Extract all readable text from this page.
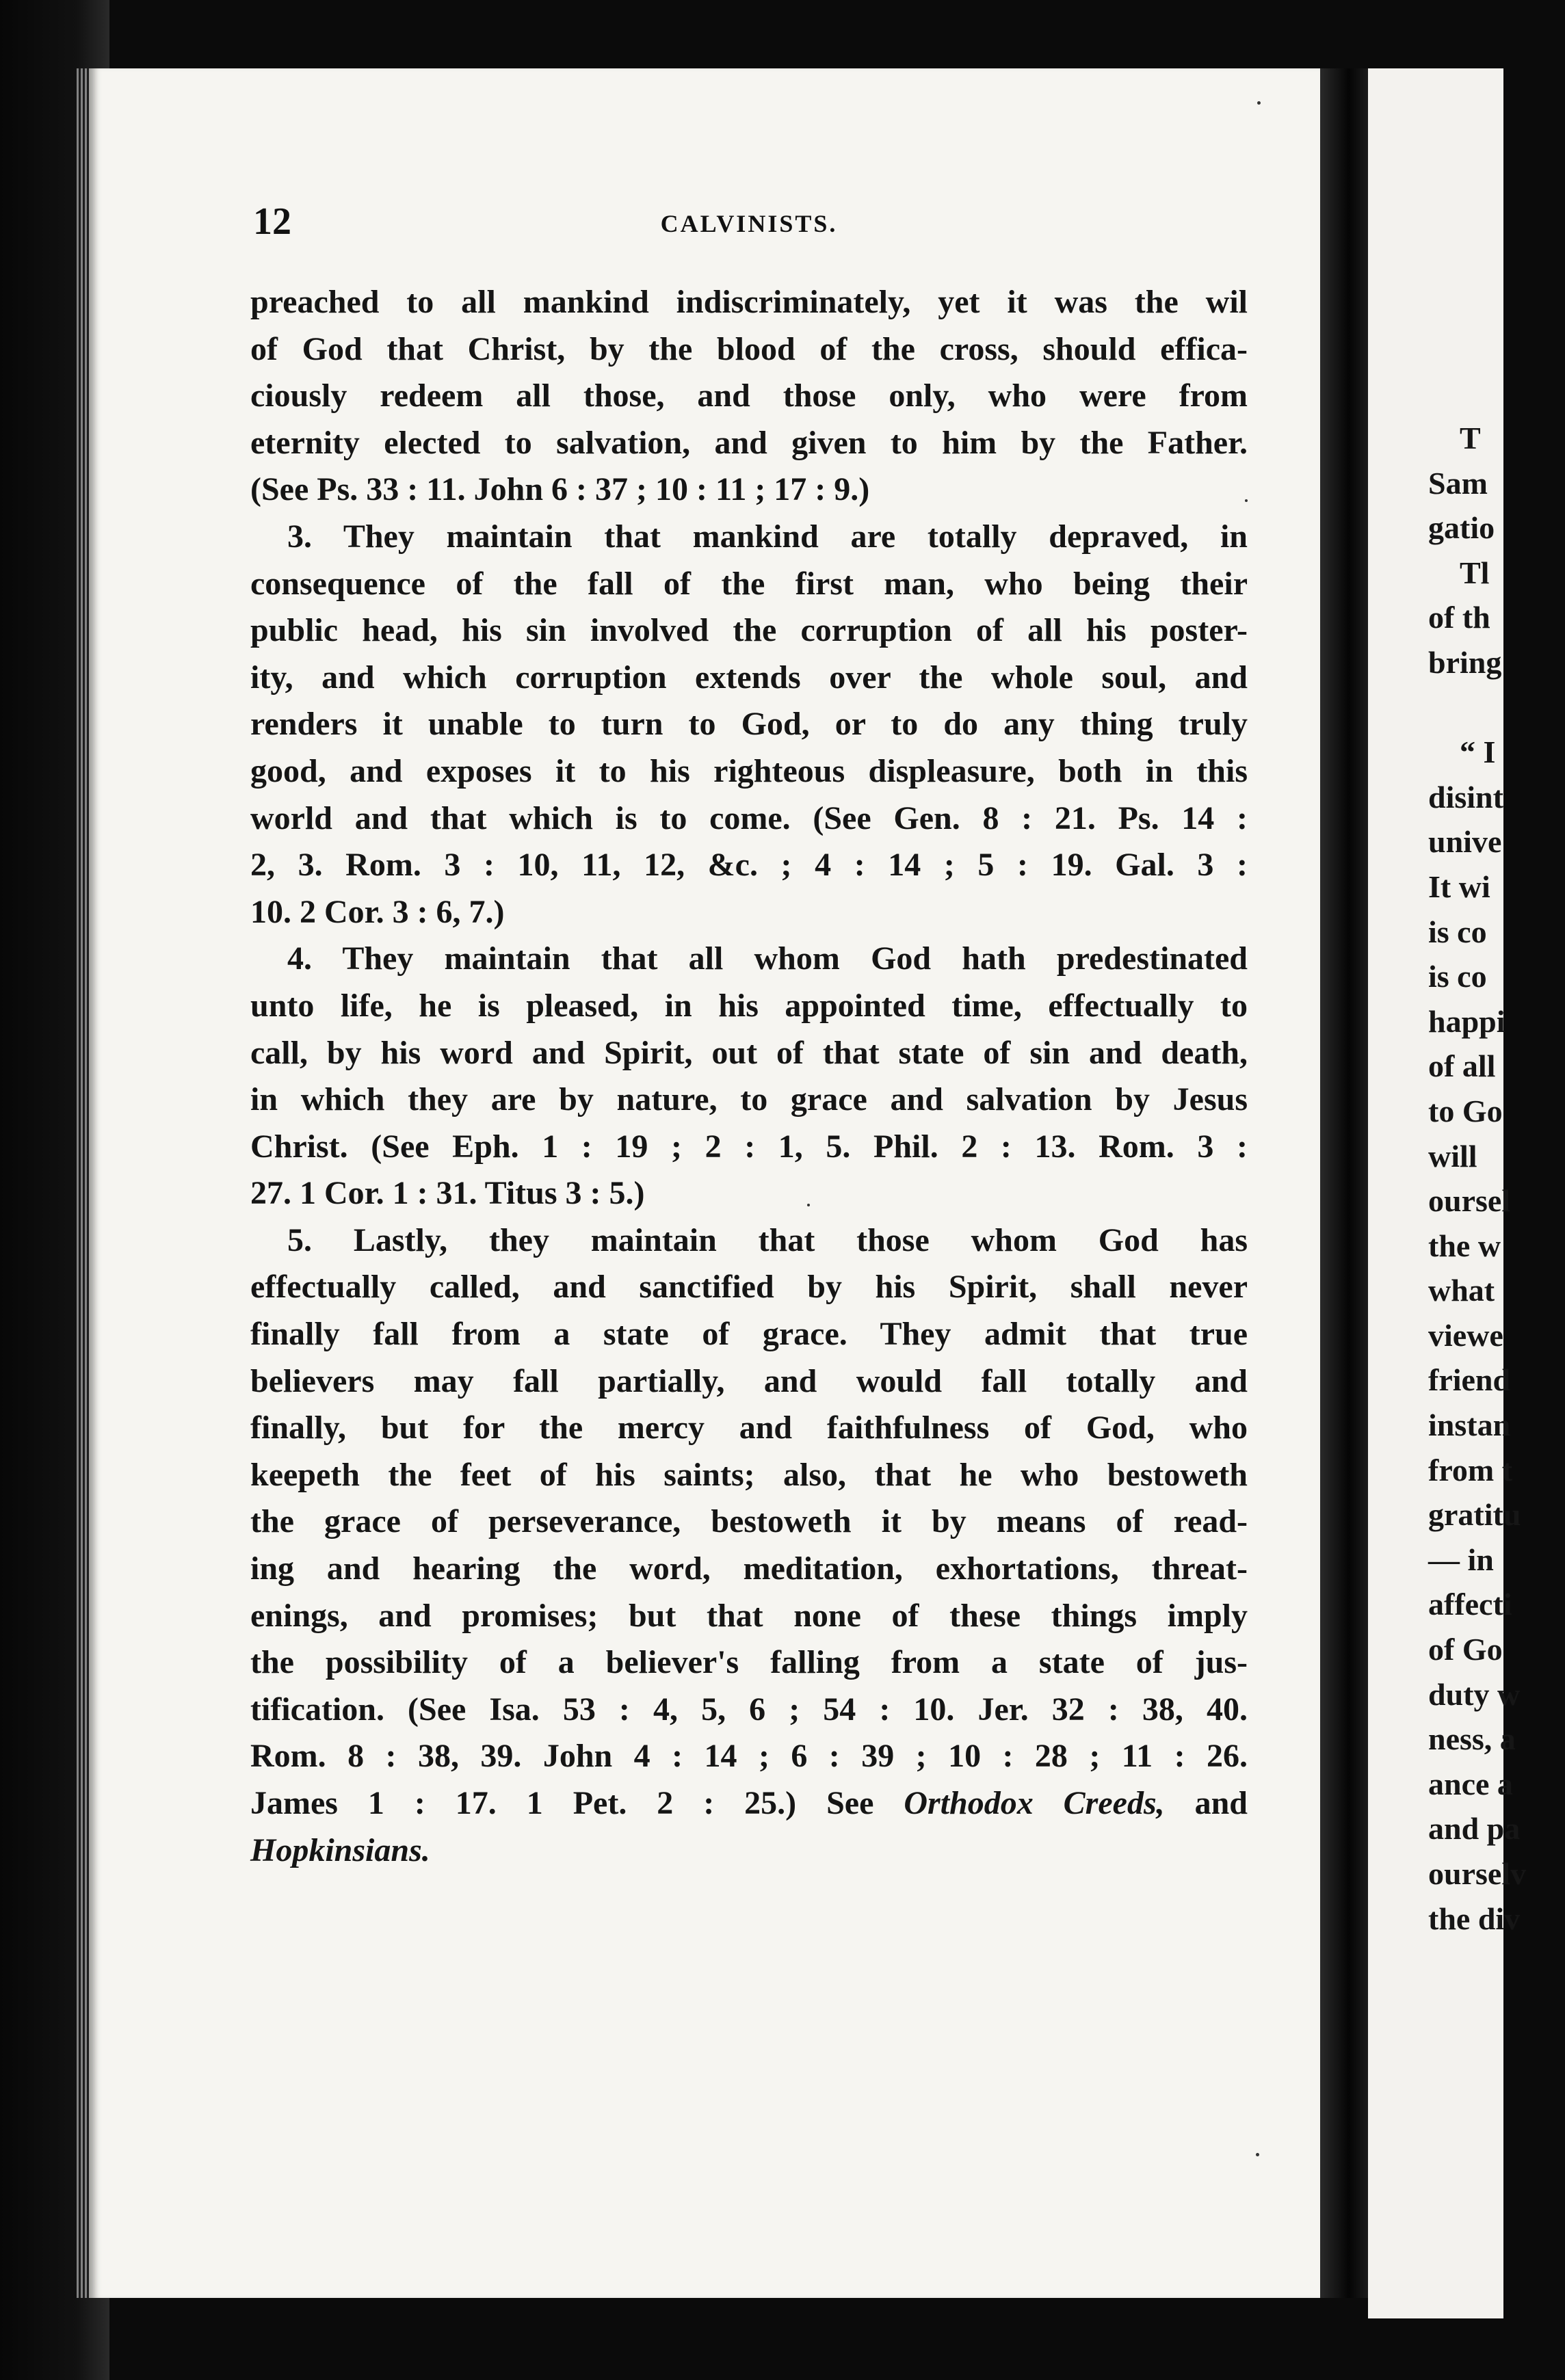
T
Sam
gatio
Tl
of th
bring

“ I
disint
unive
It wi
is co
is co
happi
of all
to Go
will
oursel
the w
what
viewe
friend
instan
from t
gratitu
— in
affecti
of Go
duty w
ness, a
ance a
and pa
ourselv
the div
12	CALVINISTS.
preached to all mankind indiscriminately, yet it was the wil
of God that Christ, by the blood of the cross, should effica-
ciously redeem all those, and those only, who were from
eternity elected to salvation, and given to him by the Father.
(See Ps. 33 : 11. John 6 : 37 ; 10 : 11 ; 17 : 9.)
3. They maintain that mankind are totally depraved, in
consequence of the fall of the first man, who being their
public head, his sin involved the corruption of all his poster-
ity, and which corruption extends over the whole soul, and
renders it unable to turn to God, or to do any thing truly
good, and exposes it to his righteous displeasure, both in this
world and that which is to come. (See Gen. 8 : 21. Ps. 14 :
2, 3. Rom. 3 : 10, 11, 12, &c. ; 4 : 14 ; 5 : 19. Gal. 3 :
10. 2 Cor. 3 : 6, 7.)
4. They maintain that all whom God hath predestinated
unto life, he is pleased, in his appointed time, effectually to
call, by his word and Spirit, out of that state of sin and death,
in which they are by nature, to grace and salvation by Jesus
Christ. (See Eph. 1 : 19 ; 2 : 1, 5. Phil. 2 : 13. Rom. 3 :
27. 1 Cor. 1 : 31. Titus 3 : 5.)
5. Lastly, they maintain that those whom God has
effectually called, and sanctified by his Spirit, shall never
finally fall from a state of grace. They admit that true
believers may fall partially, and would fall totally and
finally, but for the mercy and faithfulness of God, who
keepeth the feet of his saints; also, that he who bestoweth
the grace of perseverance, bestoweth it by means of read-
ing and hearing the word, meditation, exhortations, threat-
enings, and promises; but that none of these things imply
the possibility of a believer's falling from a state of jus-
tification. (See Isa. 53 : 4, 5, 6 ; 54 : 10. Jer. 32 : 38, 40.
Rom. 8 : 38, 39. John 4 : 14 ; 6 : 39 ; 10 : 28 ; 11 : 26.
James 1 : 17. 1 Pet. 2 : 25.) See Orthodox Creeds, and
Hopkinsians.
